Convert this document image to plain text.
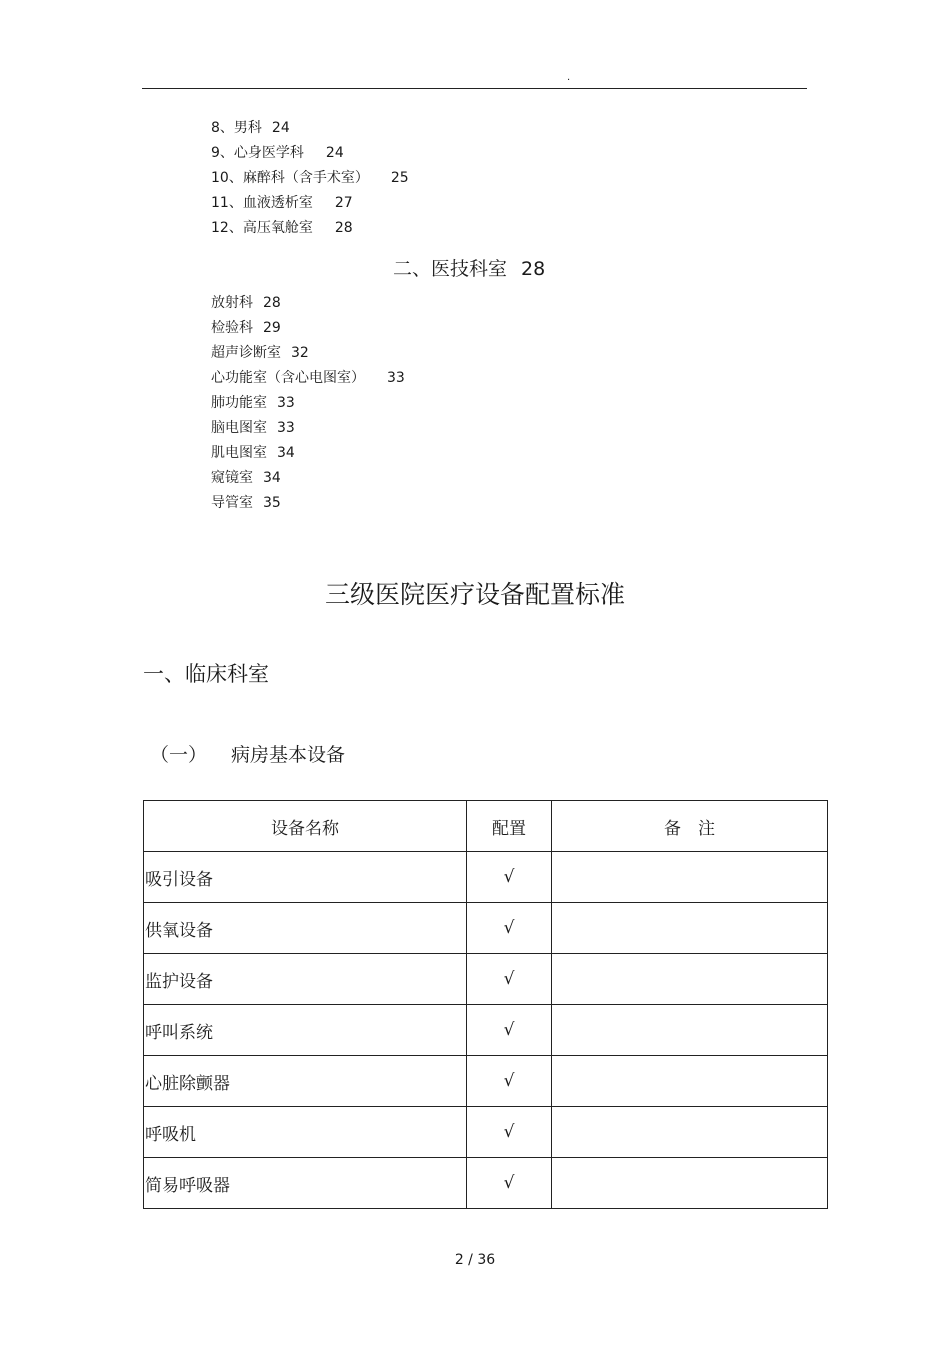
.
8、男科 24
9、心身医学科 24
10、麻醉科（含手术室） 25
11、血液透析室 27
12、高压氧舱室 28
二、医技科室 28
放射科 28
检验科 29
超声诊断室 32
心功能室（含心电图室） 33
肺功能室 33
脑电图室 33
肌电图室 34
窥镜室 34
导管室 35
三级医院医疗设备配置标准
一、临床科室
（一） 病房基本设备
设备名称	配置	备　注
吸引设备	√	
供氧设备	√	
监护设备	√	
呼叫系统	√	
心脏除颤器	√	
呼吸机	√	
简易呼吸器	√	
2 / 36
